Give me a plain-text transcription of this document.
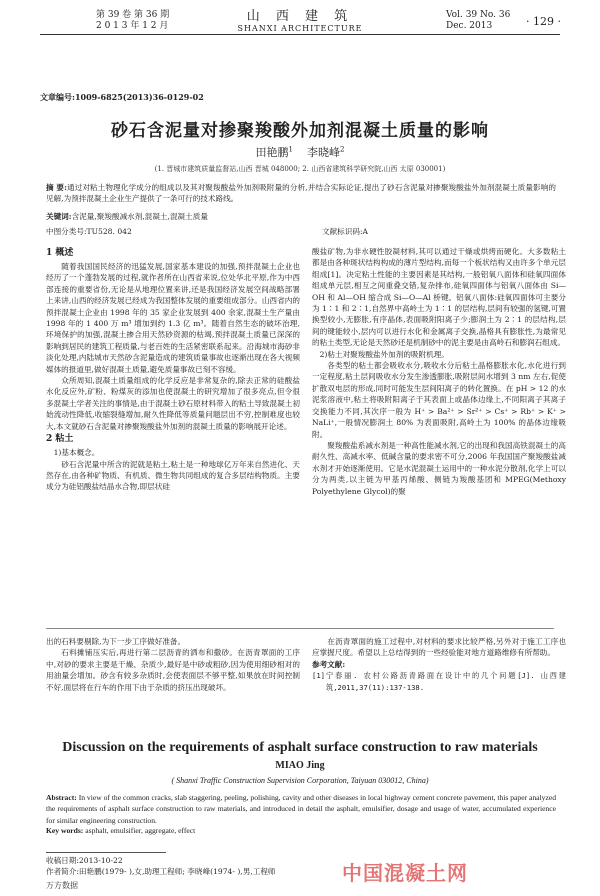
第 39 卷 第 36 期
2 0 1 3 年 1 2 月
山 西 建 筑
SHANXI ARCHITECTURE
Vol. 39 No. 36
Dec. 2013	· 129 ·
文章编号:1009-6825(2013)36-0129-02
砂石含泥量对掺聚羧酸外加剂混凝土质量的影响
田艳鹏$^1$ 李晓峰$^2$
(1. 晋城市建筑质量监督站,山西 晋城 048000; 2. 山西省建筑科学研究院,山西 太原 030001)
摘 要:通过对粘土物理化学成分的组成以及其对聚羧酸盐外加剂吸附量的分析,并结合实际论证,提出了砂石含泥量对掺聚羧酸盐外加剂混凝土质量影响的见解,为预拌混凝土企业生产提供了一条可行的技术路线。
关键词:含泥量,聚羧酸减水剂,混凝土,混凝土质量
中图分类号:TU528. 042	文献标识码:A

1 概述

随着我国国民经济的迅猛发展,国家基本建设的加强,预拌混凝土企业也经历了一个蓬勃发展的过程,就作者所在山西省来说,位处华北平原,作为中西部连接的重要省份,无论是从地理位置来讲,还是我国经济发展空间战略部署上来讲,山西的经济发展已经成为我国整体发展的重要组成部分。山西省内的预拌混凝土企业由 1998 年的 35 家企业发展到 400 余家,混凝土生产量由 1998 年的 1 400 万 m³ 增加到约 1.3 亿 m³。随着自然生态的破坏治理,环境保护的加强,混凝土掺合用天然砂资源的枯竭,预拌混凝土质量已深深的影响到居民的建筑工程质量,与老百姓的生活紧密联系起来。沿海城市海砂非淡化处理,内陆城市天然砂含泥量造成的建筑质量事故也逐渐出现在各大视频媒体的报道里,做好混凝土质量,避免质量事故已刻不容缓。

众所周知,混凝土质量组成的化学反应是非常复杂的,除去正常的硅酸盐水化反应外,矿粉、粉煤灰的添加也使混凝土的研究增加了很多亮点,但令很多混凝土学者关注的事情是,由于混凝土砂石原材料带入的粘土导致混凝土初始流动性降低,收缩裂缝增加,耐久性降低等质量问题层出不穷,控制难度也较大,本文就砂石含泥量对掺聚羧酸盐外加剂的混凝土质量的影响展开论述。

2 粘土

1)基本概念。

砂石含泥量中所含的泥就是粘土,粘土是一种地球亿万年来自然进化、天然存在,由各种矿物质、有机质、微生物共同组成的复合多层结构物质。主要成分为硅铝酸盐结晶水合物,即层状硅

酸盐矿物,为非水硬性胶凝材料,其可以通过干燥或烘烤而硬化。大多数粘土都是由各种斑状结构构成的薄片型结构,而每一个板状结构又由许多个单元层组成[1]。决定粘土性能的主要因素是其结构,一般铝氧八面体和硅氧四面体组成单元层,相互之间重叠交错,复杂排布,硅氧四面体与铝氧八面体由 Si—OH 和 Al—OH 缩合成 Si—O—Al 桥键。铝氧八面体:硅氧四面体可主要分为 1∶1 和 2∶1,自然界中高岭土为 1∶1 的层结构,层间有较强的氢键,可置换型较小,无膨胀,有序晶体,表面吸附阳离子少;膨润土为 2∶1 的层结构,层间的键能较小,层内可以进行水化和金属离子交换,晶格具有膨胀性,为最常见的粘土类型,无论是天然砂还是机制砂中的泥主要是由高岭石和膨润石组成。

2)粘土对聚羧酸盐外加剂的吸附机理。

各类型的粘土都会吸收水分,吸收水分后粘土晶格膨胀水化,水化进行到一定程度,粘土层间吸收水分发生渗透膨胀,吸附层间水增到 3 nm 左右,促使扩散双电层的形成,同时可能发生层间阳离子的转化置换。在 pH > 12 的水泥浆溶液中,粘土将吸附阳离子于其表面上或晶体边缘上,不同阳离子其离子交换能力不同,其次序一般为 H⁺ > Ba²⁺ > Sr²⁺ > Cs⁺ > Rb⁺ > K⁺ > NaLi⁺,一般情况膨润土 80% 为表面吸附,高岭土为 100% 的晶体边缘吸附。

聚羧酸盐系减水剂是一种高性能减水剂,它的出现和我国高铁混凝土的高耐久性、高减水率、低碱含量的要求密不可分,2006 年我国国产聚羧酸盐减水剂才开始逐渐使用。它是水泥混凝土运用中的一种水泥分散剂,化学上可以分为两类,以主链为甲基丙烯酸、侧链为羧酸基团和 MPEG(Methoxy Polyethylene Glycol)的聚

出的石料要剔除,为下一步工序做好准备。

石料摊铺压实后,再进行第二层沥青的洒布和撒砂。在沥青罩面的工序中,对砂的要求主要是干燥、杂质少,最好是中砂或粗砂,因为使用细砂相对的用油量会增加。砂含有较多杂质时,会使表面层不够平整,如果放在时间控制不好,面层将在行车的作用下由于杂质的挤压出现破坏。

在沥青罩面的施工过程中,对材料的要求比较严格,另外对于施工工序也应掌握尺度。希望以上总结得到的一些经验能对地方道路维修有所帮助。

参考文献:

[1] 宁春丽. 农村公路沥青路面在设计中的几个问题[J]. 山西建筑,2011,37(11):137-138.

Discussion on the requirements of asphalt surface construction to raw materials
MIAO Jing
( Shanxi Traffic Construction Supervision Corporation, Taiyuan 030012, China)
Abstract: In view of the common cracks, slab staggering, peeling, polishing, cavity and other diseases in local highway cement concrete pavement, this paper analyzed the requirements of asphalt surface construction to raw materials, and introduced in detail the asphalt, emulsifier, dosage and usage of water, accumulated experience for similar engineering construction.
Key words: asphalt, emulsifier, aggregate, effect
收稿日期:2013-10-22
作者简介:田艳鹏(1979- ),女,助理工程师; 李晓峰(1974- ),男,工程师	中国混凝土网
万方数据
